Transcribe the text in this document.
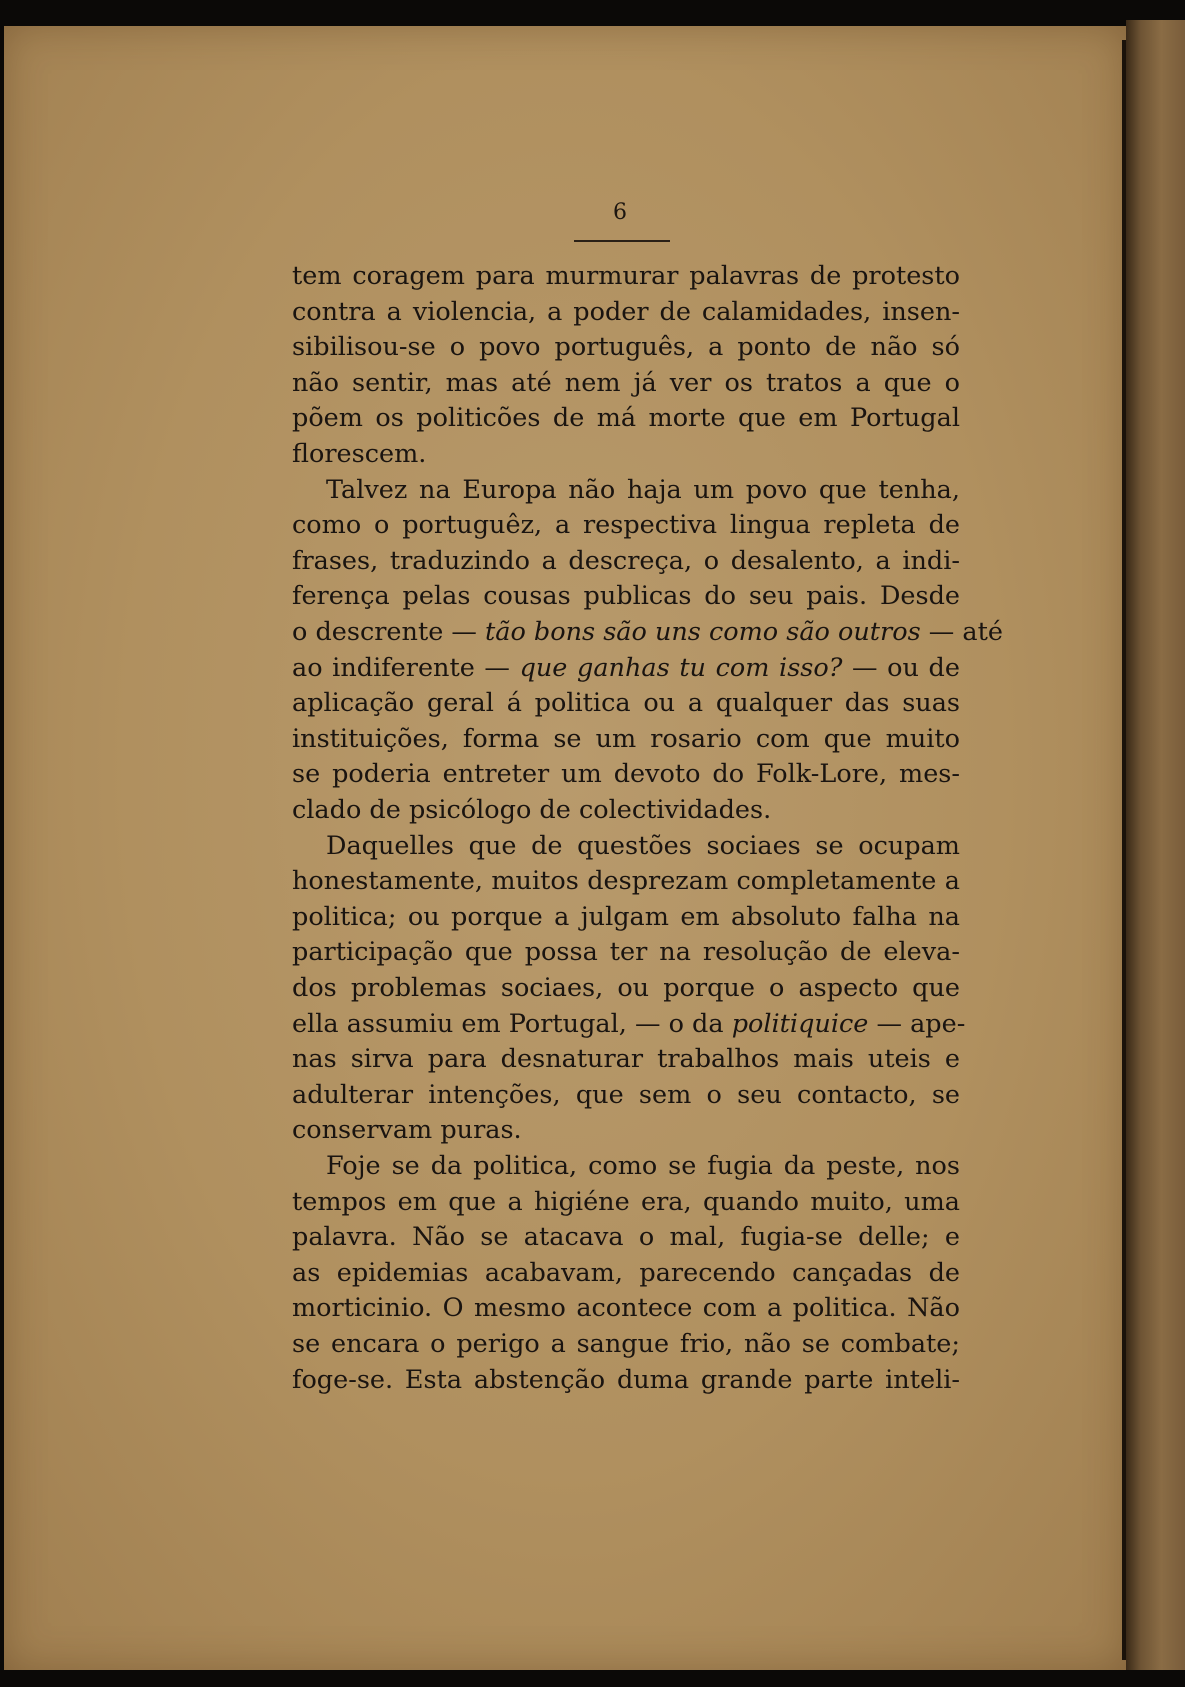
6
tem coragem para murmurar palavras de protesto
contra a violencia, a poder de calamidades, insen-
sibilisou-se o povo português, a ponto de não só
não sentir, mas até nem já ver os tratos a que o
põem os politicões de má morte que em Portugal
florescem.
Talvez na Europa não haja um povo que tenha,
como o portuguêz, a respectiva lingua repleta de
frases, traduzindo a descreça, o desalento, a indi-
ferença pelas cousas publicas do seu pais. Desde
o descrente — tão bons são uns como são outros — até
ao indiferente — que ganhas tu com isso? — ou de
aplicação geral á politica ou a qualquer das suas
instituições, forma se um rosario com que muito
se poderia entreter um devoto do Folk-Lore, mes-
clado de psicólogo de colectividades.
Daquelles que de questões sociaes se ocupam
honestamente, muitos desprezam completamente a
politica; ou porque a julgam em absoluto falha na
participação que possa ter na resolução de eleva-
dos problemas sociaes, ou porque o aspecto que
ella assumiu em Portugal, — o da politiquice — ape-
nas sirva para desnaturar trabalhos mais uteis e
adulterar intenções, que sem o seu contacto, se
conservam puras.
Foje se da politica, como se fugia da peste, nos
tempos em que a higiéne era, quando muito, uma
palavra. Não se atacava o mal, fugia-se delle; e
as epidemias acabavam, parecendo cançadas de
morticinio. O mesmo acontece com a politica. Não
se encara o perigo a sangue frio, não se combate;
foge-se. Esta abstenção duma grande parte inteli-
